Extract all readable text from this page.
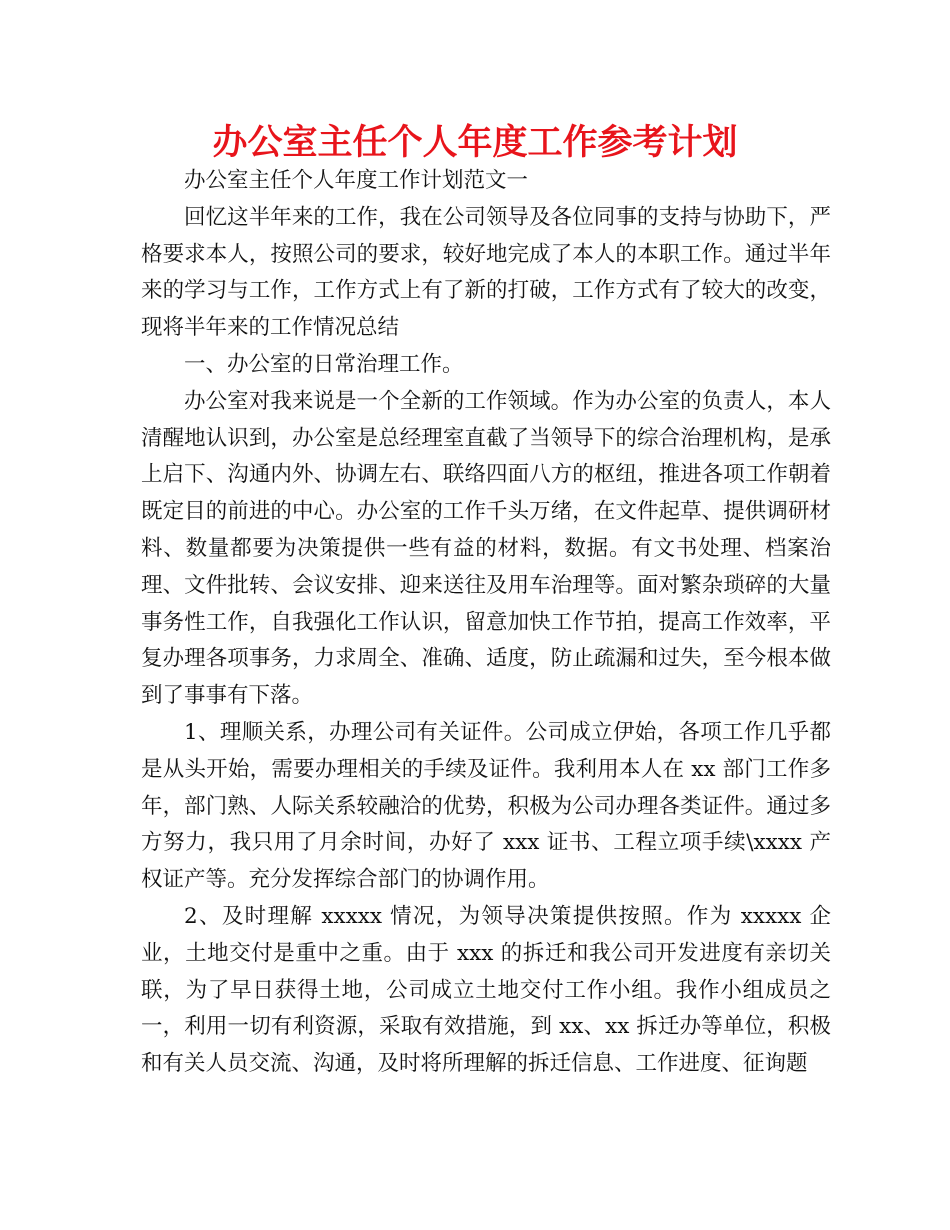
办公室主任个人年度工作参考计划

办公室主任个人年度工作计划范文一

回忆这半年来的工作，我在公司领导及各位同事的支持与协助下，严格要求本人，按照公司的要求，较好地完成了本人的本职工作。通过半年来的学习与工作，工作方式上有了新的打破，工作方式有了较大的改变，现将半年来的工作情况总结

一、办公室的日常治理工作。

办公室对我来说是一个全新的工作领域。作为办公室的负责人，本人清醒地认识到，办公室是总经理室直截了当领导下的综合治理机构，是承上启下、沟通内外、协调左右、联络四面八方的枢纽，推进各项工作朝着既定目的前进的中心。办公室的工作千头万绪，在文件起草、提供调研材料、数量都要为决策提供一些有益的材料，数据。有文书处理、档案治理、文件批转、会议安排、迎来送往及用车治理等。面对繁杂琐碎的大量事务性工作，自我强化工作认识，留意加快工作节拍，提高工作效率，平复办理各项事务，力求周全、准确、适度，防止疏漏和过失，至今根本做到了事事有下落。

1、理顺关系，办理公司有关证件。公司成立伊始，各项工作几乎都是从头开始，需要办理相关的手续及证件。我利用本人在 xx 部门工作多年，部门熟、人际关系较融洽的优势，积极为公司办理各类证件。通过多方努力，我只用了月余时间，办好了 xxx 证书、工程立项手续\xxxx 产权证产等。充分发挥综合部门的协调作用。

2、及时理解 xxxxx 情况，为领导决策提供按照。作为 xxxxx 企业，土地交付是重中之重。由于 xxx 的拆迁和我公司开发进度有亲切关联，为了早日获得土地，公司成立土地交付工作小组。我作小组成员之一，利用一切有利资源，采取有效措施，到 xx、xx 拆迁办等单位，积极和有关人员交流、沟通，及时将所理解的拆迁信息、工作进度、征询题
